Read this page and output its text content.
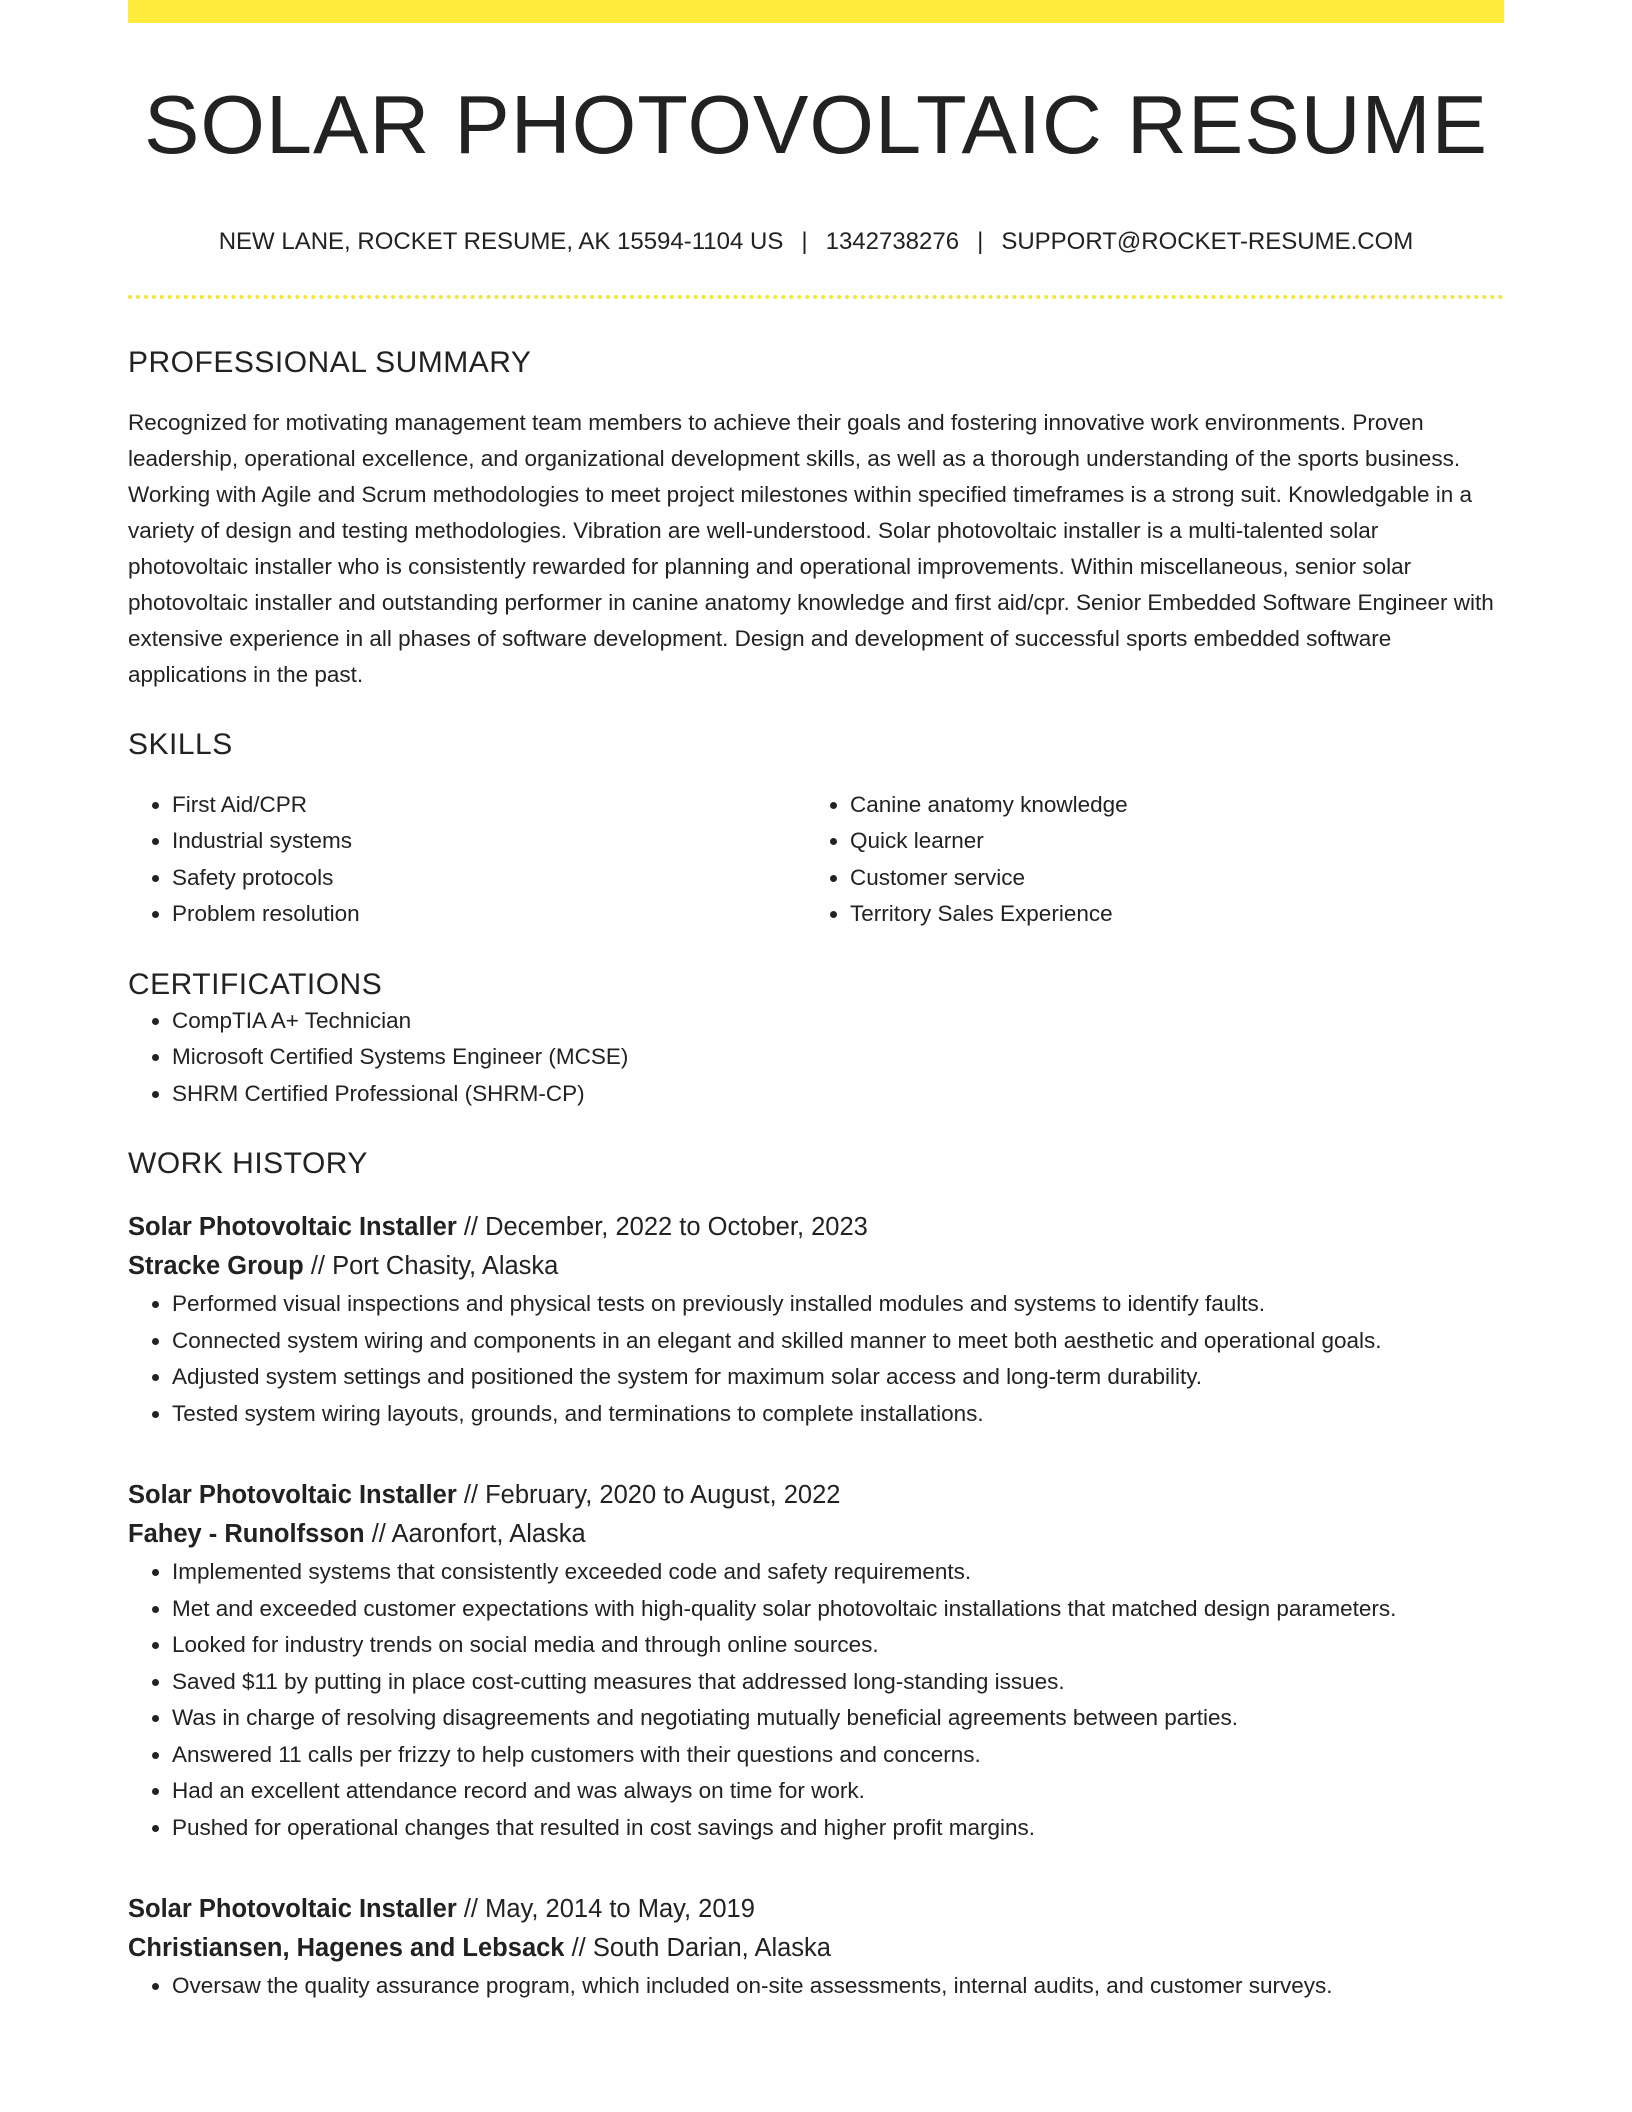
SOLAR PHOTOVOLTAIC RESUME
NEW LANE, ROCKET RESUME, AK 15594-1104 US | 1342738276 | SUPPORT@ROCKET-RESUME.COM
PROFESSIONAL SUMMARY
Recognized for motivating management team members to achieve their goals and fostering innovative work environments. Proven leadership, operational excellence, and organizational development skills, as well as a thorough understanding of the sports business. Working with Agile and Scrum methodologies to meet project milestones within specified timeframes is a strong suit. Knowledgable in a variety of design and testing methodologies. Vibration are well-understood. Solar photovoltaic installer is a multi-talented solar photovoltaic installer who is consistently rewarded for planning and operational improvements. Within miscellaneous, senior solar photovoltaic installer and outstanding performer in canine anatomy knowledge and first aid/cpr. Senior Embedded Software Engineer with extensive experience in all phases of software development. Design and development of successful sports embedded software applications in the past.
SKILLS
• First Aid/CPR
• Industrial systems
• Safety protocols
• Problem resolution
• Canine anatomy knowledge
• Quick learner
• Customer service
• Territory Sales Experience
CERTIFICATIONS
• CompTIA A+ Technician
• Microsoft Certified Systems Engineer (MCSE)
• SHRM Certified Professional (SHRM-CP)
WORK HISTORY
Solar Photovoltaic Installer // December, 2022 to October, 2023
Stracke Group // Port Chasity, Alaska
• Performed visual inspections and physical tests on previously installed modules and systems to identify faults.
• Connected system wiring and components in an elegant and skilled manner to meet both aesthetic and operational goals.
• Adjusted system settings and positioned the system for maximum solar access and long-term durability.
• Tested system wiring layouts, grounds, and terminations to complete installations.
Solar Photovoltaic Installer // February, 2020 to August, 2022
Fahey - Runolfsson // Aaronfort, Alaska
• Implemented systems that consistently exceeded code and safety requirements.
• Met and exceeded customer expectations with high-quality solar photovoltaic installations that matched design parameters.
• Looked for industry trends on social media and through online sources.
• Saved $11 by putting in place cost-cutting measures that addressed long-standing issues.
• Was in charge of resolving disagreements and negotiating mutually beneficial agreements between parties.
• Answered 11 calls per frizzy to help customers with their questions and concerns.
• Had an excellent attendance record and was always on time for work.
• Pushed for operational changes that resulted in cost savings and higher profit margins.
Solar Photovoltaic Installer // May, 2014 to May, 2019
Christiansen, Hagenes and Lebsack // South Darian, Alaska
• Oversaw the quality assurance program, which included on-site assessments, internal audits, and customer surveys.
